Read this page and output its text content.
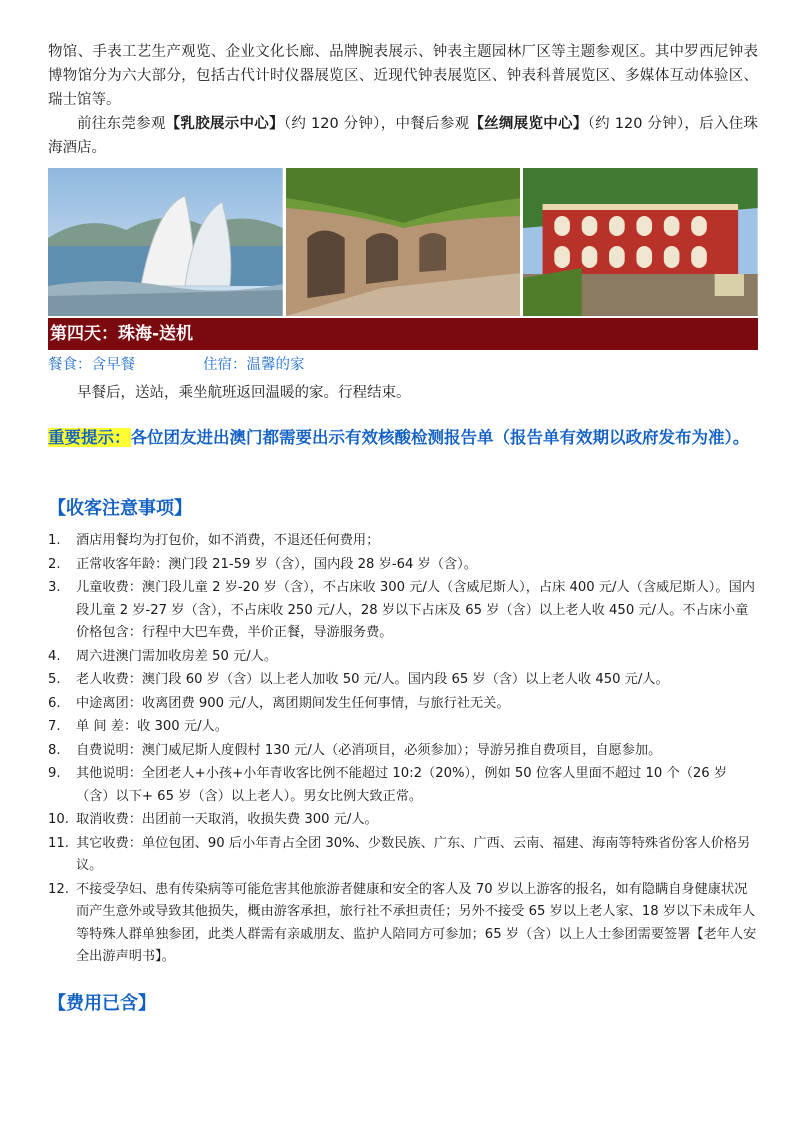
物馆、手表工艺生产观览、企业文化长廊、品牌腕表展示、钟表主题园林厂区等主题参观区。其中罗西尼钟表博物馆分为六大部分，包括古代计时仪器展览区、近现代钟表展览区、钟表科普展览区、多媒体互动体验区、瑞士馆等。

前往东莞参观【乳胶展示中心】（约 120 分钟），中餐后参观【丝绸展览中心】（约 120 分钟），后入住珠海酒店。

第四天：珠海-送机
餐食：含早餐	住宿：温馨的家

早餐后，送站，乘坐航班返回温暖的家。行程结束。

重要提示：各位团友进出澳门都需要出示有效核酸检测报告单（报告单有效期以政府发布为准）。
【收客注意事项】
1. 酒店用餐均为打包价，如不消费，不退还任何费用；
2. 正常收客年龄：澳门段 21-59 岁（含），国内段 28 岁-64 岁（含）。
3. 儿童收费：澳门段儿童 2 岁-20 岁（含），不占床收 300 元/人（含威尼斯人），占床 400 元/人（含威尼斯人）。国内段儿童 2 岁-27 岁（含），不占床收 250 元/人，28 岁以下占床及 65 岁（含）以上老人收 450 元/人。不占床小童价格包含：行程中大巴车费，半价正餐，导游服务费。
4. 周六进澳门需加收房差 50 元/人。
5. 老人收费：澳门段 60 岁（含）以上老人加收 50 元/人。国内段 65 岁（含）以上老人收 450 元/人。
6. 中途离团：收离团费 900 元/人，离团期间发生任何事情，与旅行社无关。
7. 单 间 差：收 300 元/人。
8. 自费说明：澳门威尼斯人度假村 130 元/人（必消项目，必须参加）；导游另推自费项目，自愿参加。
9. 其他说明：全团老人+小孩+小年青收客比例不能超过 10:2（20%），例如 50 位客人里面不超过 10 个（26 岁（含）以下+ 65 岁（含）以上老人）。男女比例大致正常。
10. 取消收费：出团前一天取消，收损失费 300 元/人。
11. 其它收费：单位包团、90 后小年青占全团 30%、少数民族、广东、广西、云南、福建、海南等特殊省份客人价格另议。
12. 不接受孕妇、患有传染病等可能危害其他旅游者健康和安全的客人及 70 岁以上游客的报名，如有隐瞒自身健康状况而产生意外或导致其他损失，概由游客承担，旅行社不承担责任；另外不接受 65 岁以上老人家、18 岁以下未成年人等特殊人群单独参团，此类人群需有亲戚朋友、监护人陪同方可参加；65 岁（含）以上人士参团需要签署【老年人安全出游声明书】。
【费用已含】
